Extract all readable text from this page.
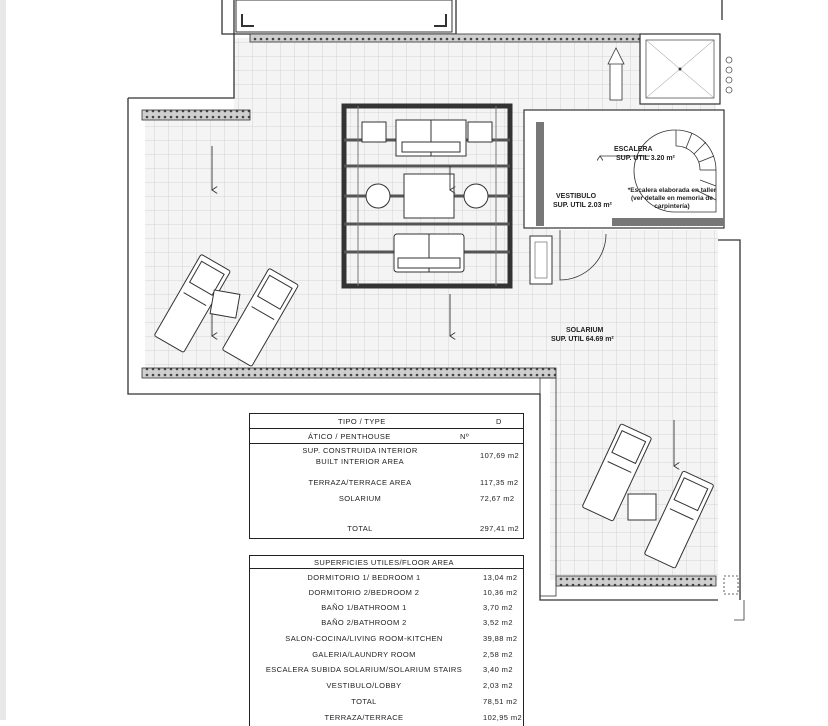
ESCALERA
SUP. UTIL 3.20 m²
VESTIBULO
SUP. UTIL 2.03 m²
SOLARIUM
SUP. UTIL 64.69 m²
*Escalera elaborada en taller (ver detalle en memoria de carpintería)
TIPO / TYPE	D
ÁTICO / PENTHOUSE	Nº
SUP. CONSTRUIDA INTERIOR
BUILT INTERIOR AREA
107,69 m2
TERRAZA/TERRACE AREA	117,35 m2
SOLARIUM	72,67 m2
TOTAL	297,41 m2
SUPERFICIES UTILES/FLOOR AREA
DORMITORIO 1/ BEDROOM 1	13,04 m2
DORMITORIO 2/BEDROOM 2	10,36 m2
BAÑO 1/BATHROOM 1	3,70 m2
BAÑO 2/BATHROOM 2	3,52 m2
SALON-COCINA/LIVING ROOM-KITCHEN	39,88 m2
GALERIA/LAUNDRY ROOM	2,58 m2
ESCALERA SUBIDA SOLARIUM/SOLARIUM STAIRS	3,40 m2
VESTIBULO/LOBBY	2,03 m2
TOTAL	78,51 m2
TERRAZA/TERRACE	102,95 m2
